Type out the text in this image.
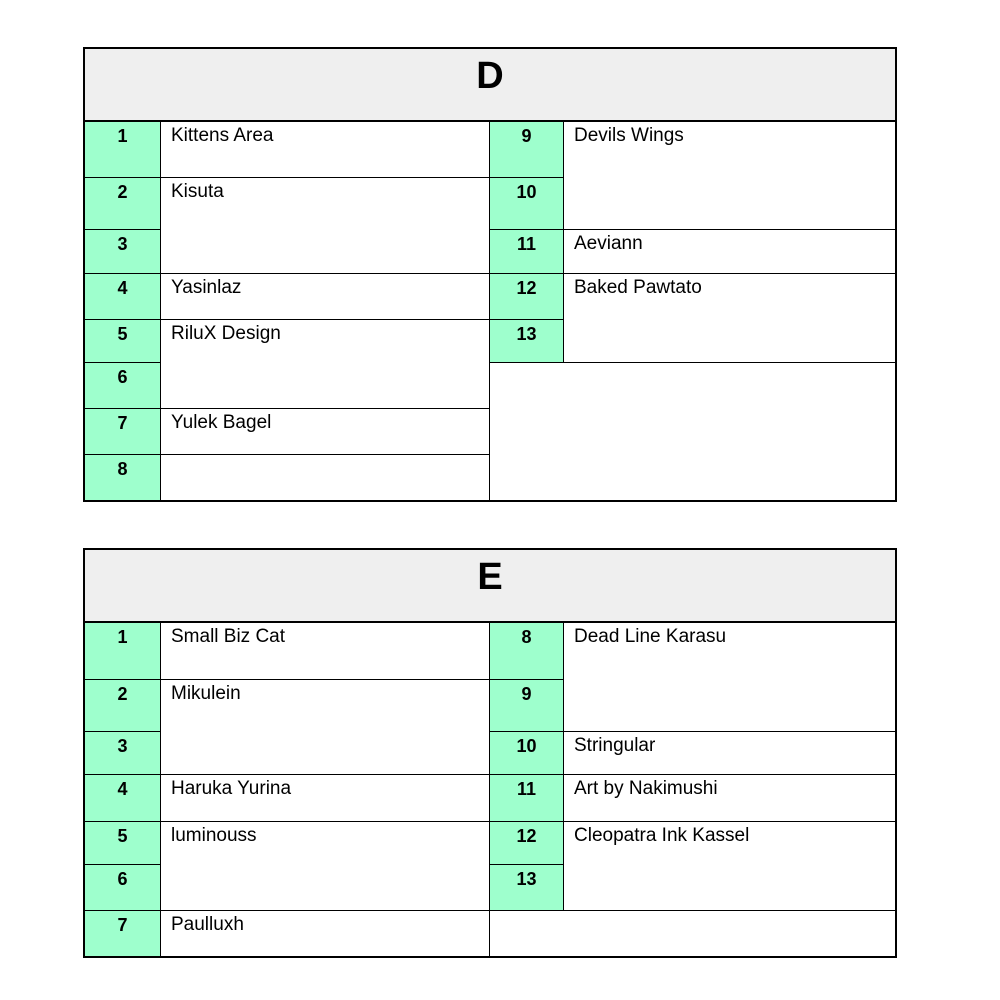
D
1
2
3
4
5
6
7
8
Kittens Area
Kisuta
Yasinlaz
RiluX Design
Yulek Bagel
9
10
11
12
13
Devils Wings
Aeviann
Baked Pawtato
E
1
2
3
4
5
6
7
Small Biz Cat
Mikulein
Haruka Yurina
luminouss
Paulluxh
8
9
10
11
12
13
Dead Line Karasu
Stringular
Art by Nakimushi
Cleopatra Ink Kassel
